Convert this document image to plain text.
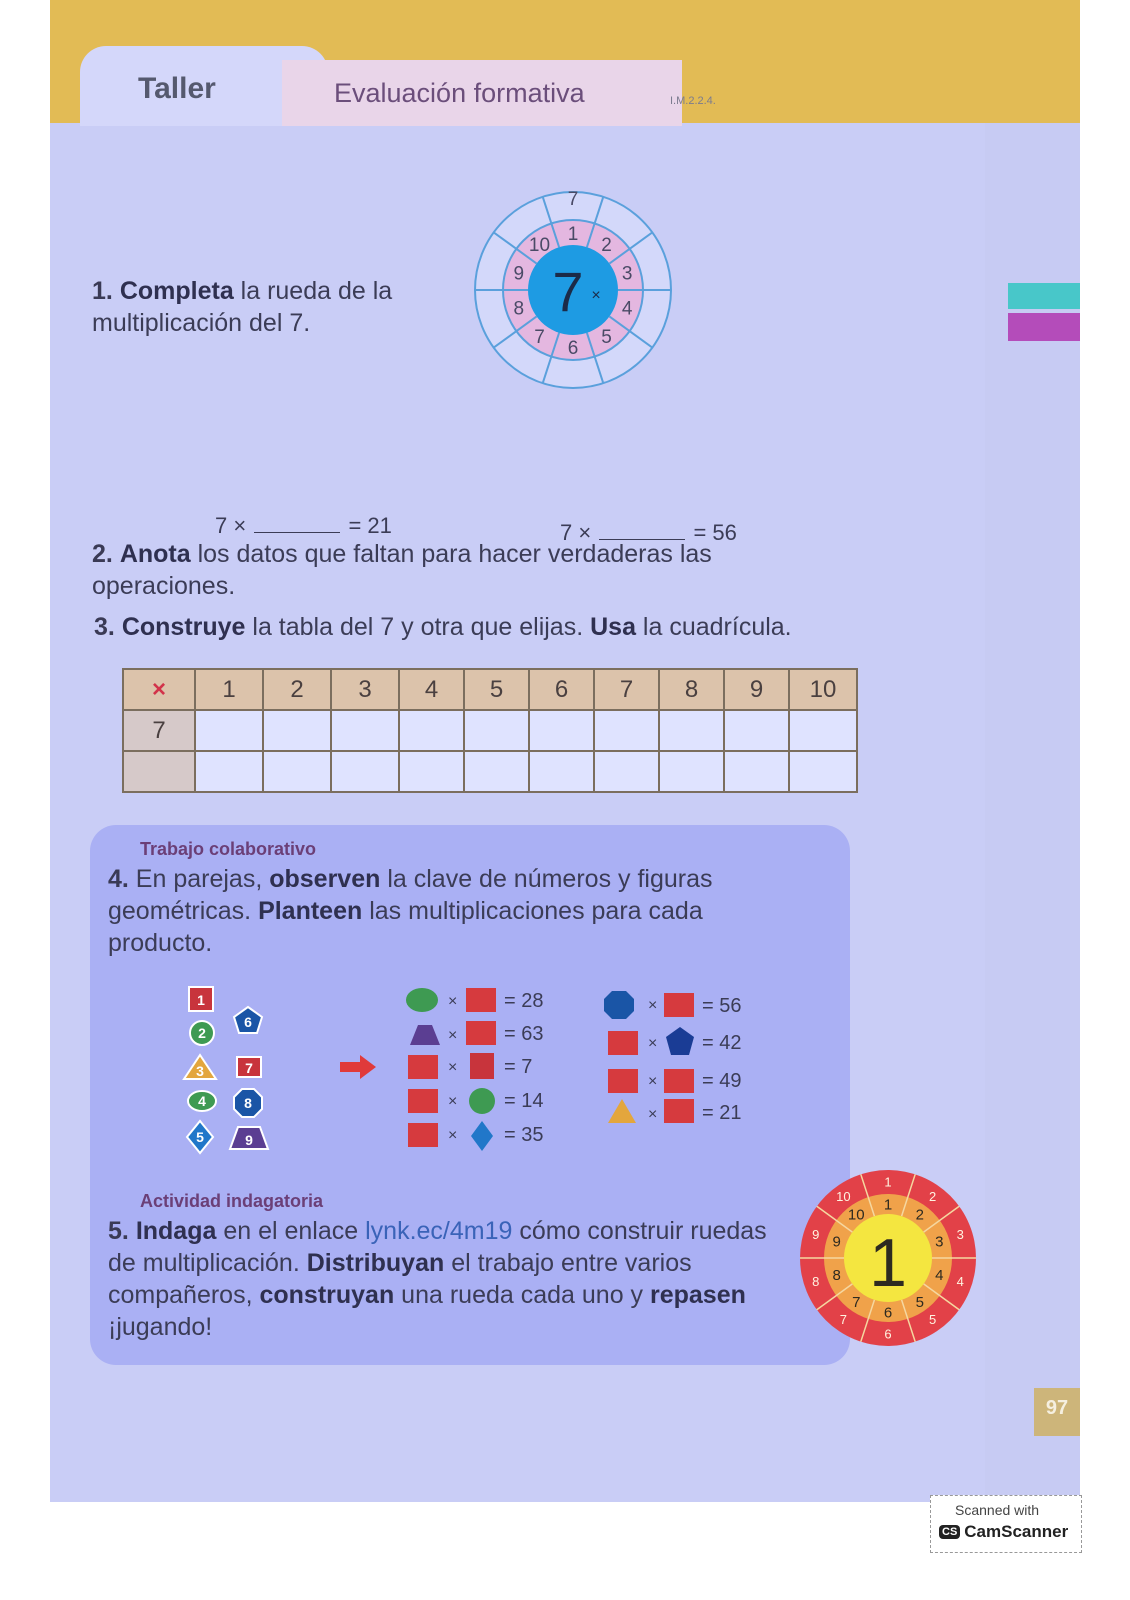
1. Completa la rueda de la multiplicación del 7.
1
2
3
4
5
6
7
8
9
10
7
7 ×
2. Anota los datos que faltan para hacer verdaderas las operaciones.
7 ×	= 21	7 ×	= 56
3. Construye la tabla del 7 y otra que elijas. Usa la cuadrícula.
×	1	2	3	4	5	6	7	8	9	10
7										

Trabajo colaborativo
4. En parejas, observen la clave de números y figuras geométricas. Planteen las multiplicaciones para cada producto.
1
2
3
4
5
6
7
8
9
× = 28
× = 63
× = 7
× = 14
× = 35
× = 56
× = 42
× = 49
× = 21
Actividad indagatoria
5. Indaga en el enlace lynk.ec/4m19 cómo construir ruedas de multiplicación. Distribuyan el trabajo entre varios compañeros, construyan una rueda cada uno y repasen ¡jugando!
1
1
2
2
3 3
4 4
5
5
6
6
7
7
8
8
9
9
10
10
1
97
Taller	Evaluación formativa	I.M.2.2.4.
Scanned with
CS CamScanner
